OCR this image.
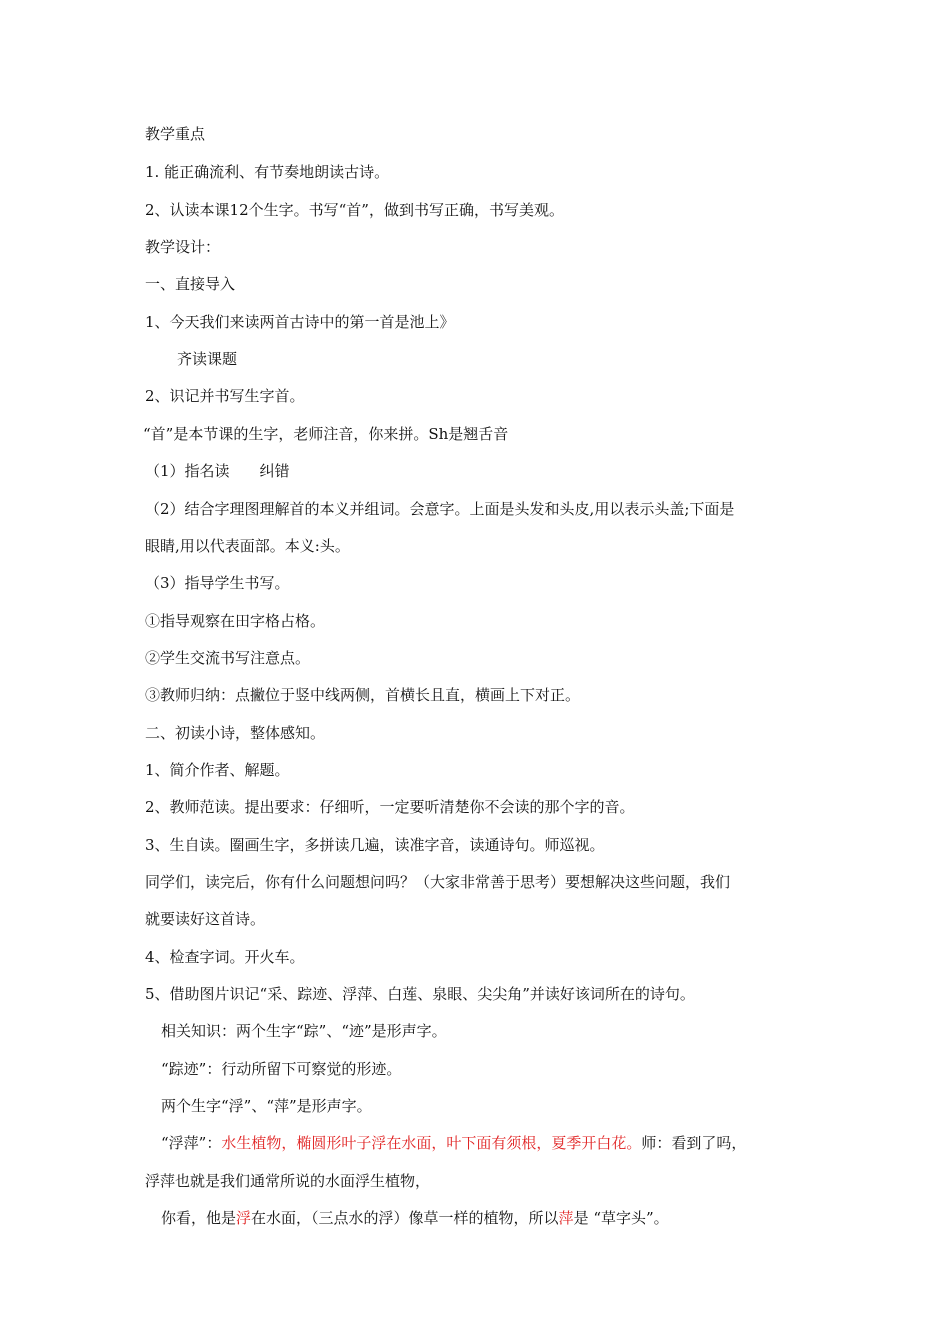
教学重点
1. 能正确流利、有节奏地朗读古诗。
2、认读本课12个生字。书写“首”，做到书写正确，书写美观。
教学设计：
一、直接导入
1、今天我们来读两首古诗中的第一首是池上》
齐读课题
2、识记并书写生字首。
“首”是本节课的生字，老师注音，你来拼。Sh是翘舌音
（1）指名读　　纠错
（2）结合字理图理解首的本义并组词。会意字。上面是头发和头皮,用以表示头盖;下面是
眼睛,用以代表面部。本义:头。
（3）指导学生书写。
①指导观察在田字格占格。
②学生交流书写注意点。
③教师归纳：点撇位于竖中线两侧，首横长且直，横画上下对正。
二、初读小诗，整体感知。
1、简介作者、解题。
2、教师范读。提出要求：仔细听，一定要听清楚你不会读的那个字的音。
3、生自读。圈画生字，多拼读几遍，读准字音，读通诗句。师巡视。
同学们，读完后，你有什么问题想问吗？（大家非常善于思考）要想解决这些问题，我们
就要读好这首诗。
4、检查字词。开火车。
5、借助图片识记“采、踪迹、浮萍、白莲、泉眼、尖尖角”并读好该词所在的诗句。
相关知识：两个生字“踪”、“迹”是形声字。
“踪迹”：行动所留下可察觉的形迹。
两个生字“浮”、“萍”是形声字。
“浮萍”：水生植物，椭圆形叶子浮在水面，叶下面有须根，夏季开白花。师：看到了吗，
浮萍也就是我们通常所说的水面浮生植物，
你看，他是浮在水面，（三点水的浮）像草一样的植物，所以萍是 “草字头”。
